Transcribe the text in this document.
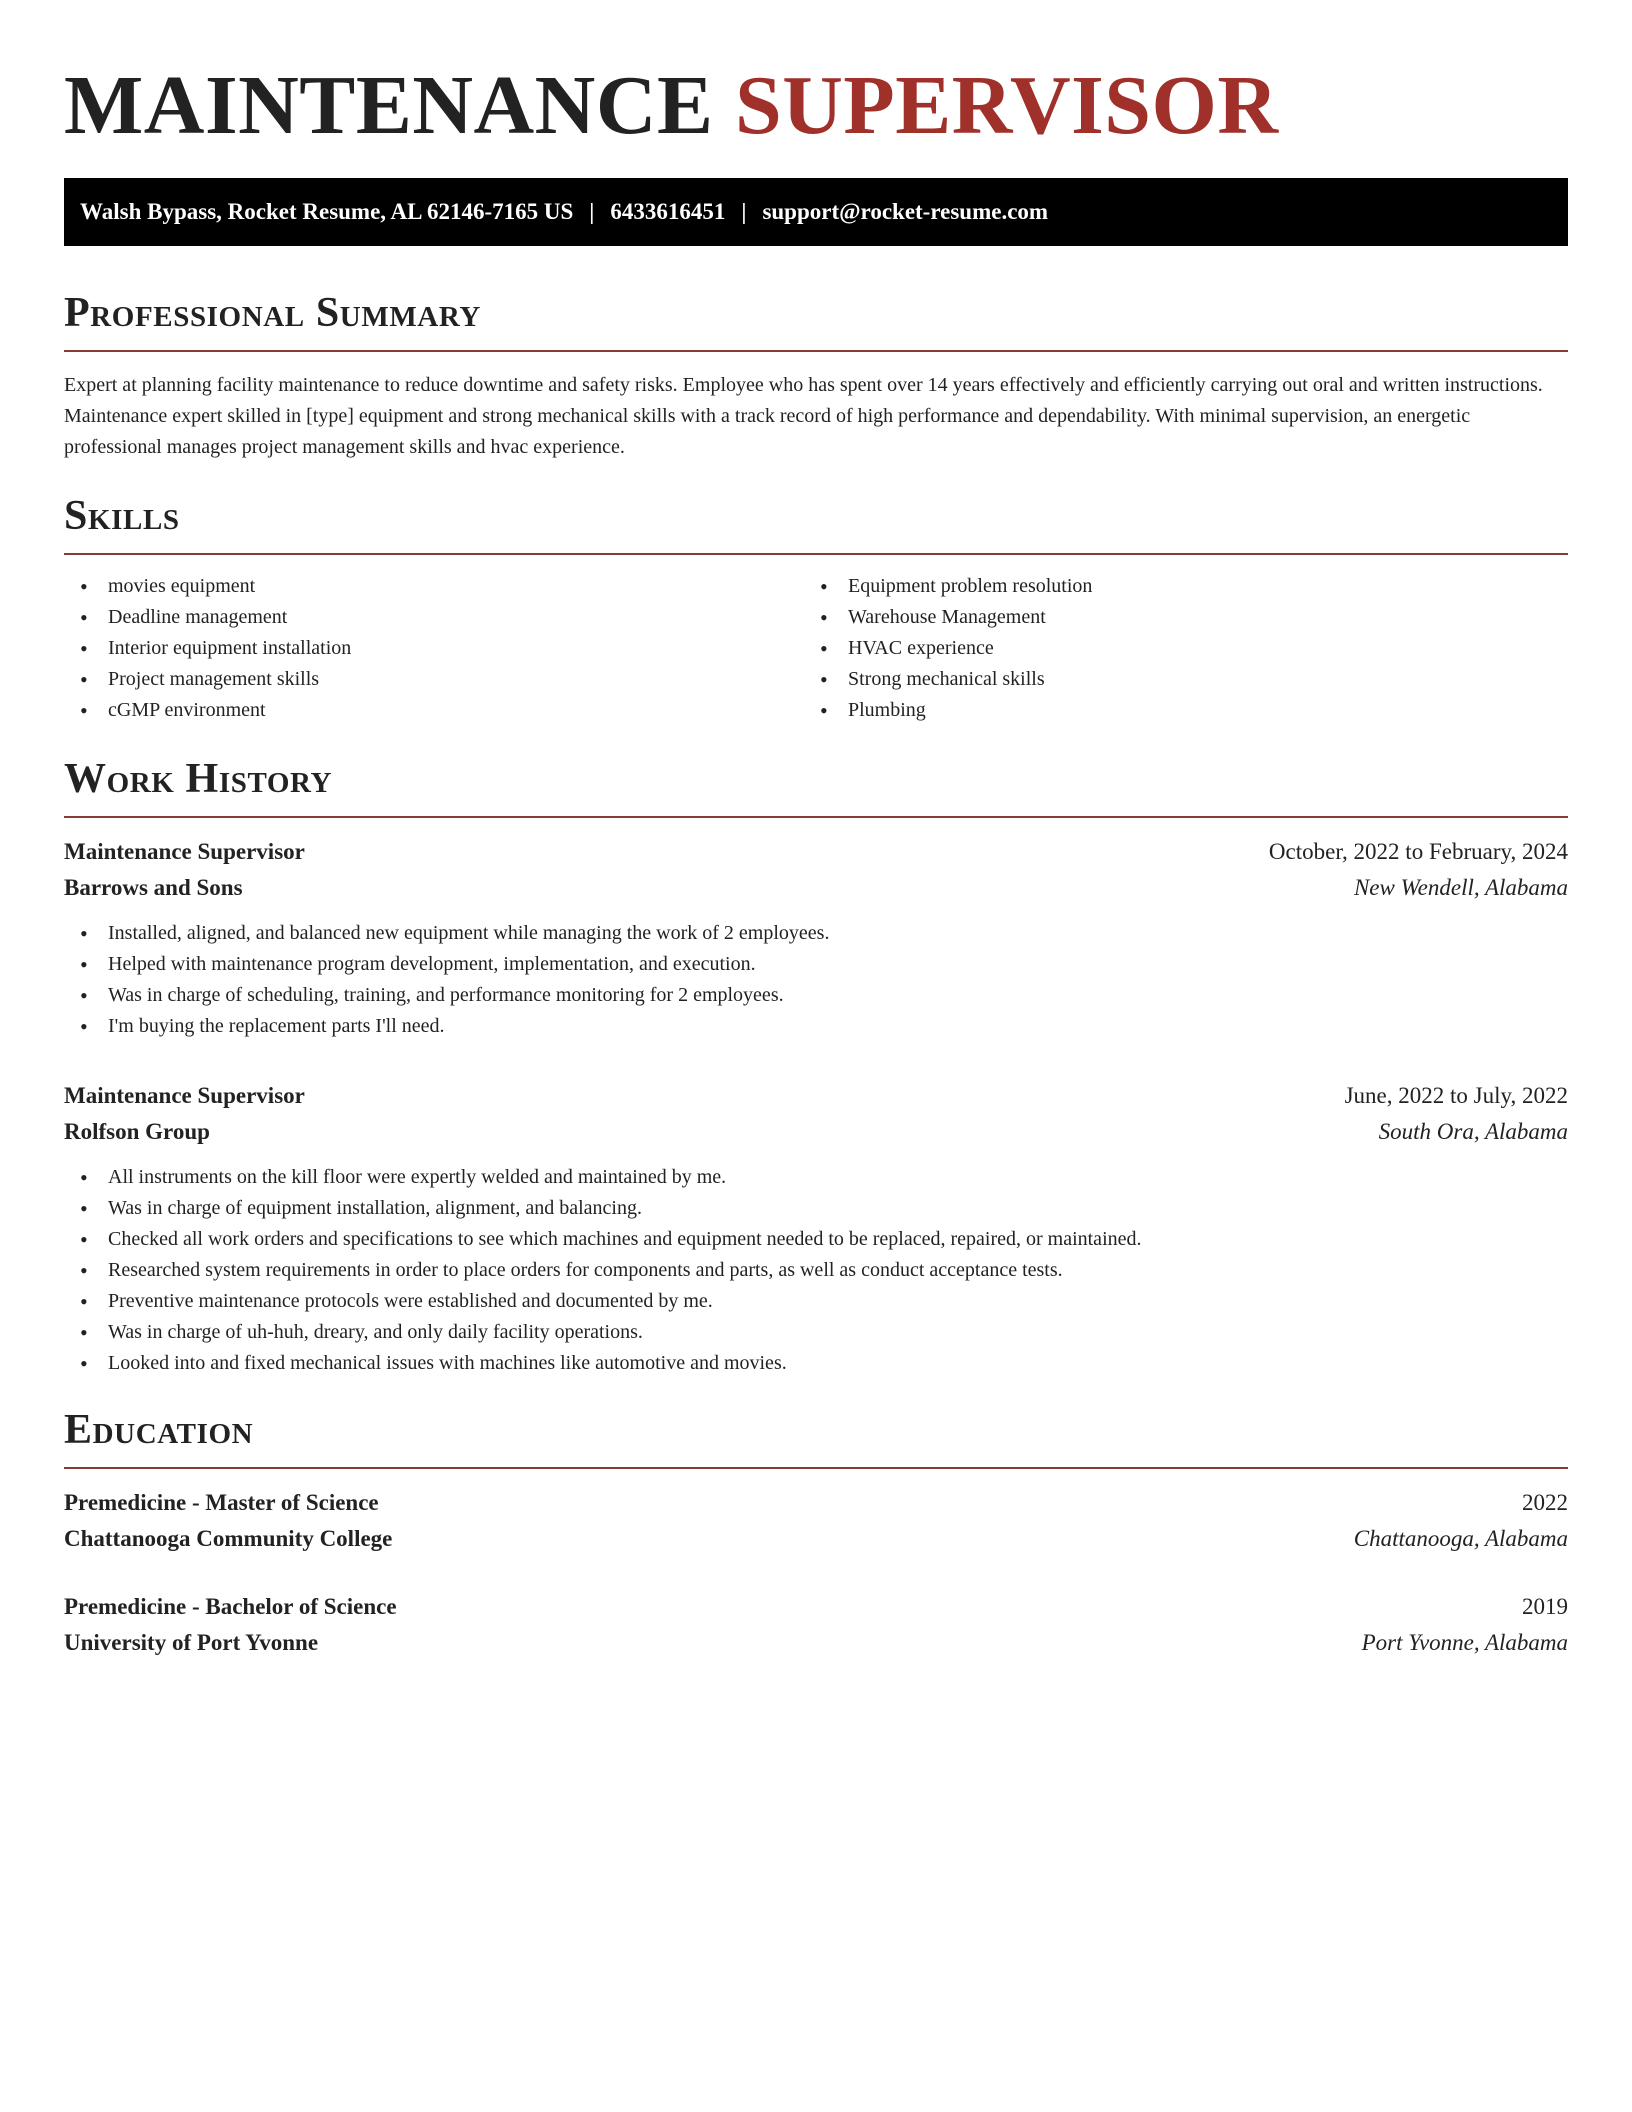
MAINTENANCE SUPERVISOR
Walsh Bypass, Rocket Resume, AL 62146-7165 US | 6433616451 | support@rocket-resume.com
Professional Summary

Expert at planning facility maintenance to reduce downtime and safety risks. Employee who has spent over 14 years effectively and efficiently carrying out oral and written instructions. Maintenance expert skilled in [type] equipment and strong mechanical skills with a track record of high performance and dependability. With minimal supervision, an energetic professional manages project management skills and hvac experience.

Skills
• movies equipment
• Deadline management
• Interior equipment installation
• Project management skills
• cGMP environment
• Equipment problem resolution
• Warehouse Management
• HVAC experience
• Strong mechanical skills
• Plumbing
Work History
Maintenance Supervisor	October, 2022 to February, 2024
Barrows and Sons	New Wendell, Alabama
• Installed, aligned, and balanced new equipment while managing the work of 2 employees.
• Helped with maintenance program development, implementation, and execution.
• Was in charge of scheduling, training, and performance monitoring for 2 employees.
• I'm buying the replacement parts I'll need.
Maintenance Supervisor	June, 2022 to July, 2022
Rolfson Group	South Ora, Alabama
• All instruments on the kill floor were expertly welded and maintained by me.
• Was in charge of equipment installation, alignment, and balancing.
• Checked all work orders and specifications to see which machines and equipment needed to be replaced, repaired, or maintained.
• Researched system requirements in order to place orders for components and parts, as well as conduct acceptance tests.
• Preventive maintenance protocols were established and documented by me.
• Was in charge of uh-huh, dreary, and only daily facility operations.
• Looked into and fixed mechanical issues with machines like automotive and movies.
Education
Premedicine - Master of Science	2022
Chattanooga Community College	Chattanooga, Alabama
Premedicine - Bachelor of Science	2019
University of Port Yvonne	Port Yvonne, Alabama
